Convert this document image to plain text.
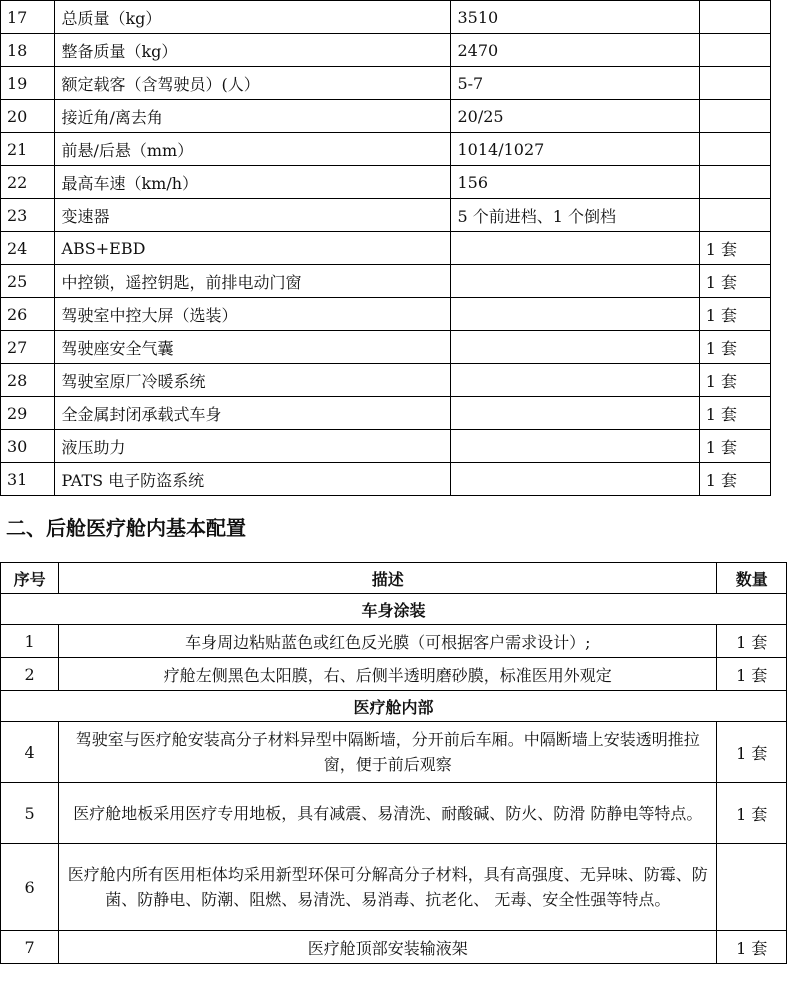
17	总质量（kg）	3510	
18	整备质量（kg）	2470	
19	额定载客（含驾驶员）(人）	5-7	
20	接近角/离去角	20/25	
21	前悬/后悬（mm）	1014/1027	
22	最高车速（km/h）	156	
23	变速器	5 个前进档、1 个倒档	
24	ABS+EBD		1 套
25	中控锁，遥控钥匙，前排电动门窗		1 套
26	驾驶室中控大屏（选装）		1 套
27	驾驶座安全气囊		1 套
28	驾驶室原厂冷暖系统		1 套
29	全金属封闭承载式车身		1 套
30	液压助力		1 套
31	PATS 电子防盗系统		1 套
二、后舱医疗舱内基本配置
序号	描述	数量
车身涂装		
1	车身周边粘贴蓝色或红色反光膜（可根据客户需求设计）;	1 套
2	疗舱左侧黑色太阳膜，右、后侧半透明磨砂膜，标准医用外观定	1 套
医疗舱内部		
4	驾驶室与医疗舱安装高分子材料异型中隔断墙，分开前后车厢。中隔断墙上安装透明推拉窗，便于前后观察	1 套
5	医疗舱地板采用医疗专用地板，具有减震、易清洗、耐酸碱、防火、防滑 防静电等特点。	1 套
6	医疗舱内所有医用柜体均采用新型环保可分解高分子材料，具有高强度、无异味、防霉、防菌、防静电、防潮、阻燃、易清洗、易消毒、抗老化、 无毒、安全性强等特点。	
7	医疗舱顶部安装输液架	1 套
